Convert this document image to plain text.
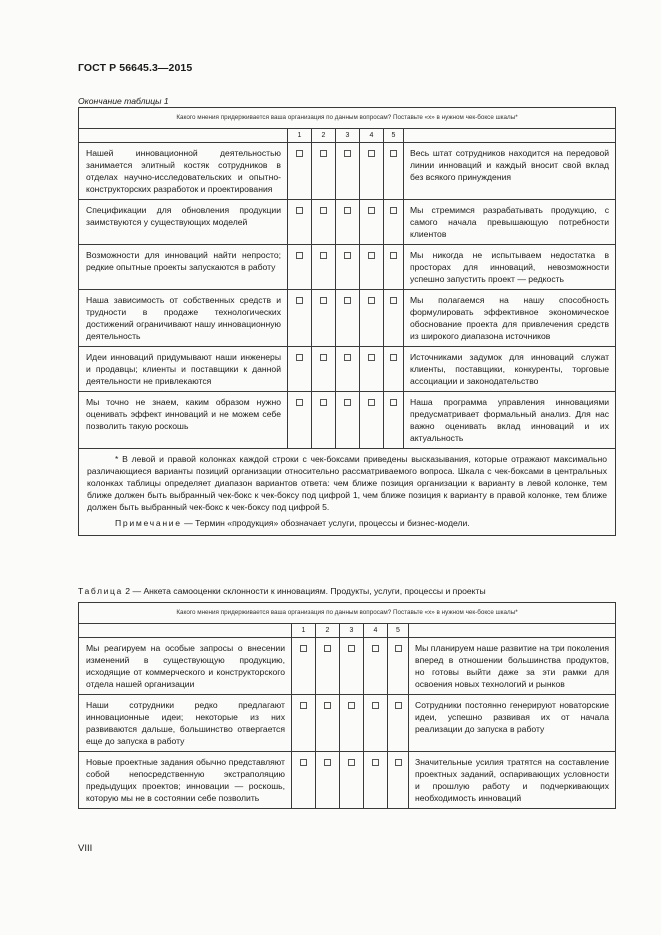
ГОСТ Р 56645.3—2015
Окончание таблицы 1
Какого мнения придерживается ваша организация по данным вопросам? Поставьте «х» в нужном чек-боксе шкалы*						
	1	2	3	4	5	
Нашей инновационной деятельностью занимается элитный костяк сотрудников в отделах научно-исследовательских и опытно-конструкторских разработок и проектирования						Весь штат сотрудников находится на передовой линии инноваций и каждый вносит свой вклад без всякого принуждения
Спецификации для обновления продукции заимствуются у существующих моделей						Мы стремимся разрабатывать продукцию, с самого начала превышающую потребности клиентов
Возможности для инноваций найти непросто; редкие опытные проекты запускаются в работу						Мы никогда не испытываем недостатка в просторах для инноваций, невозможности успешно запустить проект — редкость
Наша зависимость от собственных средств и трудности в продаже технологических достижений ограничивают нашу инновационную деятельность						Мы полагаемся на нашу способность формулировать эффективное экономическое обоснование проекта для привлечения средств из широкого диапазона источников
Идеи инноваций придумывают наши инженеры и продавцы; клиенты и поставщики к данной деятельности не привлекаются						Источниками задумок для инноваций служат клиенты, поставщики, конкуренты, торговые ассоциации и законодательство
Мы точно не знаем, каким образом нужно оценивать эффект инноваций и не можем себе позволить такую роскошь						Наша программа управления инновациями предусматривает формальный анализ. Для нас важно оценивать вклад инноваций и их актуальность

* В левой и правой колонках каждой строки с чек-боксами приведены высказывания, которые отражают максимально различающиеся варианты позиций организации относительно рассматриваемого вопроса. Шкала с чек-боксами в центральных колонках таблицы определяет диапазон вариантов ответа: чем ближе позиция организации к варианту в левой колонке, тем ближе должен быть выбранный чек-бокс к чек-боксу под цифрой 1, чем ближе позиция к варианту в правой колонке, тем ближе должен быть выбранный чек-бокс к чек-боксу под цифрой 5.

Примечание — Термин «продукция» обозначает услуги, процессы и бизнес-модели.						

Таблица 2 — Анкета самооценки склонности к инновациям. Продукты, услуги, процессы и проекты
Какого мнения придерживается ваша организация по данным вопросам? Поставьте «х» в нужном чек-боксе шкалы*						
	1	2	3	4	5	
Мы реагируем на особые запросы о внесении изменений в существующую продукцию, исходящие от коммерческого и конструкторского отдела нашей организации						Мы планируем наше развитие на три поколения вперед в отношении большинства продуктов, но готовы выйти даже за эти рамки для освоения новых технологий и рынков
Наши сотрудники редко предлагают инновационные идеи; некоторые из них развиваются дальше, большинство отвергается еще до запуска в работу						Сотрудники постоянно генерируют новаторские идеи, успешно развивая их от начала реализации до запуска в работу
Новые проектные задания обычно представляют собой непосредственную экстраполяцию предыдущих проектов; инновации — роскошь, которую мы не в состоянии себе позволить						Значительные усилия тратятся на составление проектных заданий, оспаривающих условности и прошлую работу и подчеркивающих необходимость инноваций
VIII
